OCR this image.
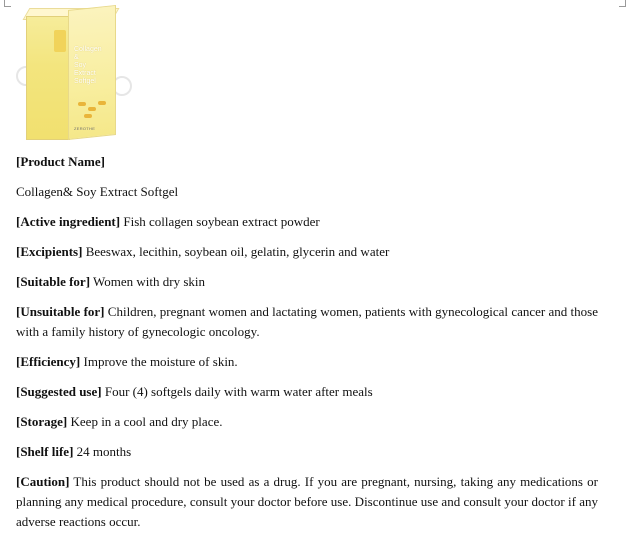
Collagen
&
Soy
Extract
Softgel
ZEROTHE
[Product Name]
Collagen& Soy Extract Softgel
[Active ingredient] Fish collagen soybean extract powder
[Excipients] Beeswax, lecithin, soybean oil, gelatin, glycerin and water
[Suitable for] Women with dry skin
[Unsuitable for] Children, pregnant women and lactating women, patients with gynecological cancer and those with a family history of gynecologic oncology.
[Efficiency] Improve the moisture of skin.
[Suggested use] Four (4) softgels daily with warm water after meals
[Storage] Keep in a cool and dry place.
[Shelf life] 24 months
[Caution] This product should not be used as a drug. If you are pregnant, nursing, taking any medications or planning any medical procedure, consult your doctor before use. Discontinue use and consult your doctor if any adverse reactions occur.
